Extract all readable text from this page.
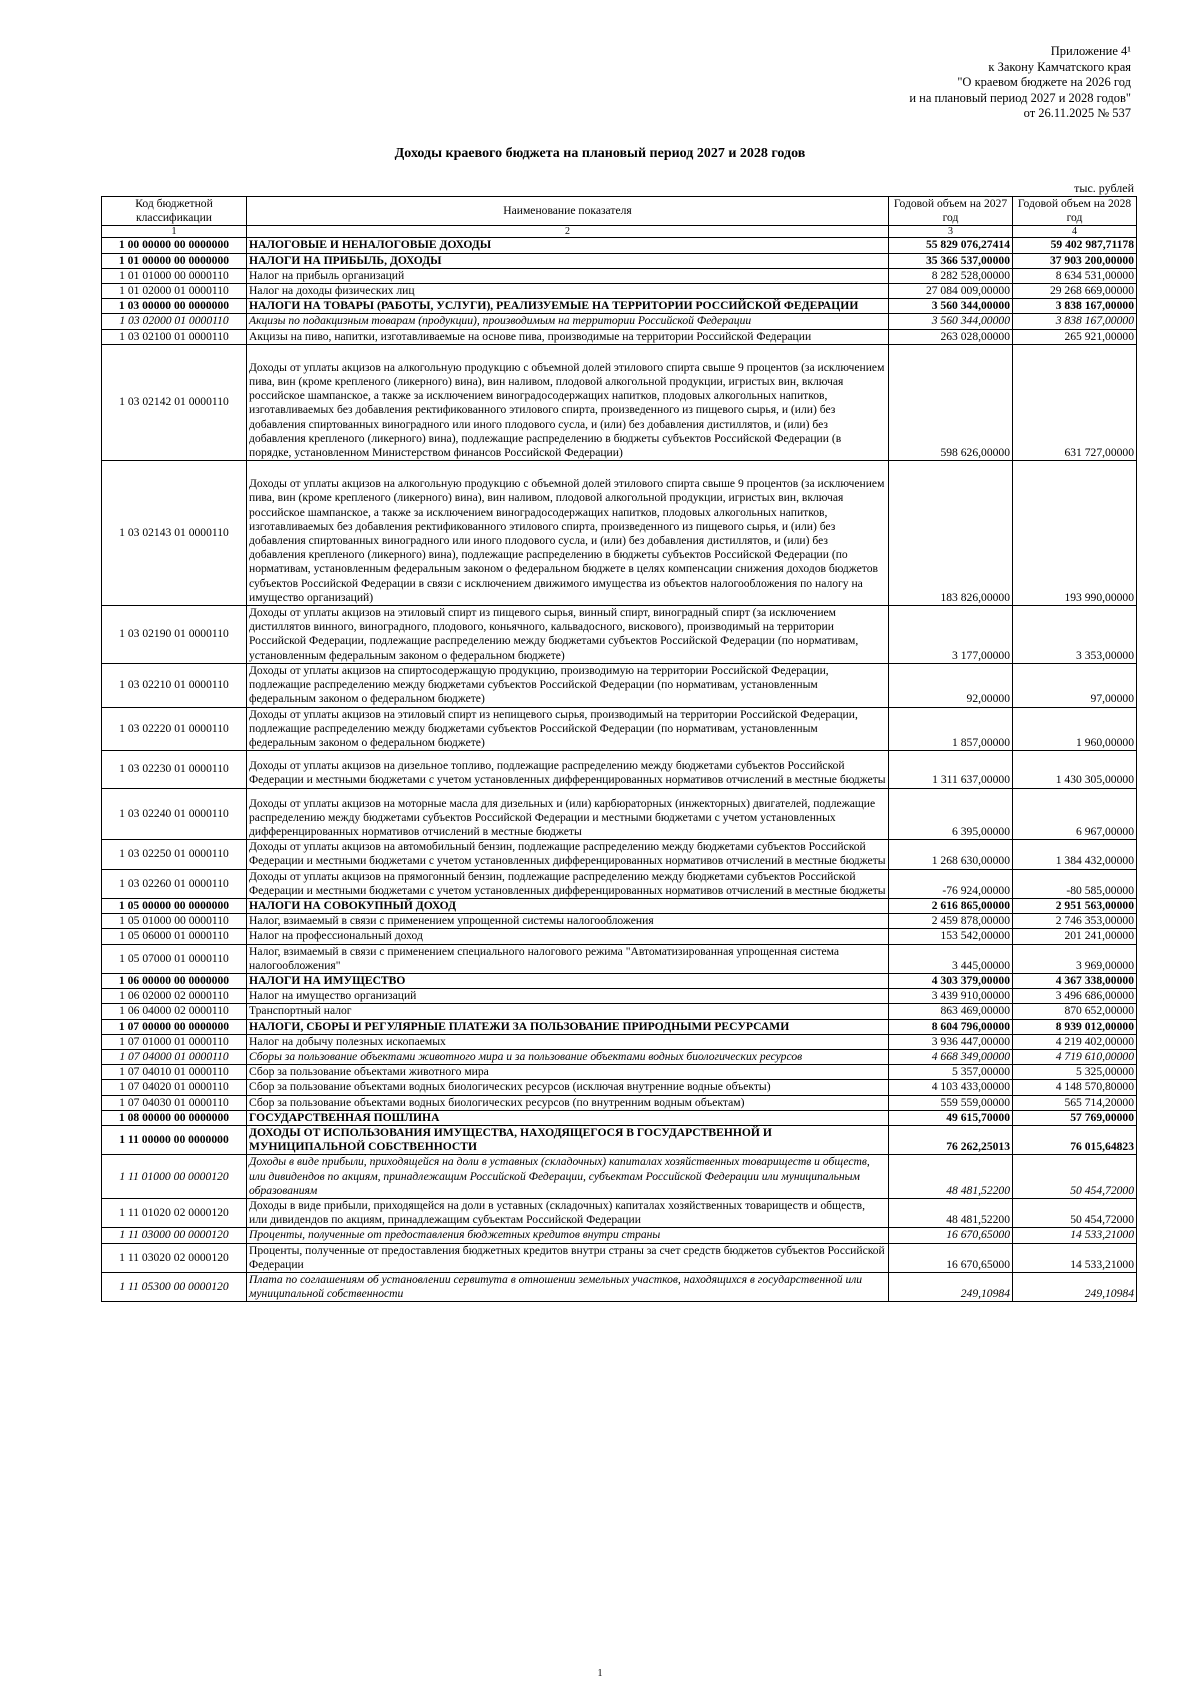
Приложение 4¹
к Закону Камчатского края
"О краевом бюджете на 2026 год
и на плановый период 2027 и 2028 годов"
от 26.11.2025 № 537
Доходы краевого бюджета на плановый период 2027 и 2028 годов
тыс. рублей
Код бюджетной классификации	Наименование показателя	Годовой объем на 2027 год	Годовой объем на 2028 год
1	2	3	4
1 00 00000 00 0000000	НАЛОГОВЫЕ И НЕНАЛОГОВЫЕ ДОХОДЫ	55 829 076,27414	59 402 987,71178
1 01 00000 00 0000000	НАЛОГИ НА ПРИБЫЛЬ, ДОХОДЫ	35 366 537,00000	37 903 200,00000
1 01 01000 00 0000110	Налог на прибыль организаций	8 282 528,00000	8 634 531,00000
1 01 02000 01 0000110	Налог на доходы физических лиц	27 084 009,00000	29 268 669,00000
1 03 00000 00 0000000	НАЛОГИ НА ТОВАРЫ (РАБОТЫ, УСЛУГИ), РЕАЛИЗУЕМЫЕ НА ТЕРРИТОРИИ РОССИЙСКОЙ ФЕДЕРАЦИИ	3 560 344,00000	3 838 167,00000
1 03 02000 01 0000110	Акцизы по подакцизным товарам (продукции), производимым на территории Российской Федерации	3 560 344,00000	3 838 167,00000
1 03 02100 01 0000110	Акцизы на пиво, напитки, изготавливаемые на основе пива, производимые на территории Российской Федерации	263 028,00000	265 921,00000
1 03 02142 01 0000110	Доходы от уплаты акцизов на алкогольную продукцию с объемной долей этилового спирта свыше 9 процентов (за исключением пива, вин (кроме крепленого (ликерного) вина), вин наливом, плодовой алкогольной продукции, игристых вин, включая российское шампанское, а также за исключением виноградосодержащих напитков, плодовых алкогольных напитков, изготавливаемых без добавления ректификованного этилового спирта, произведенного из пищевого сырья, и (или) без добавления спиртованных виноградного или иного плодового сусла, и (или) без добавления дистиллятов, и (или) без добавления крепленого (ликерного) вина), подлежащие распределению в бюджеты субъектов Российской Федерации (в порядке, установленном Министерством финансов Российской Федерации)	598 626,00000	631 727,00000
1 03 02143 01 0000110	Доходы от уплаты акцизов на алкогольную продукцию с объемной долей этилового спирта свыше 9 процентов (за исключением пива, вин (кроме крепленого (ликерного) вина), вин наливом, плодовой алкогольной продукции, игристых вин, включая российское шампанское, а также за исключением виноградосодержащих напитков, плодовых алкогольных напитков, изготавливаемых без добавления ректификованного этилового спирта, произведенного из пищевого сырья, и (или) без добавления спиртованных виноградного или иного плодового сусла, и (или) без добавления дистиллятов, и (или) без добавления крепленого (ликерного) вина), подлежащие распределению в бюджеты субъектов Российской Федерации (по нормативам, установленным федеральным законом о федеральном бюджете в целях компенсации снижения доходов бюджетов субъектов Российской Федерации в связи с исключением движимого имущества из объектов налогообложения по налогу на имущество организаций)	183 826,00000	193 990,00000
1 03 02190 01 0000110	Доходы от уплаты акцизов на этиловый спирт из пищевого сырья, винный спирт, виноградный спирт (за исключением дистиллятов винного, виноградного, плодового, коньячного, кальвадосного, вискового), производимый на территории Российской Федерации, подлежащие распределению между бюджетами субъектов Российской Федерации (по нормативам, установленным федеральным законом о федеральном бюджете)	3 177,00000	3 353,00000
1 03 02210 01 0000110	Доходы от уплаты акцизов на спиртосодержащую продукцию, производимую на территории Российской Федерации, подлежащие распределению между бюджетами субъектов Российской Федерации (по нормативам, установленным федеральным законом о федеральном бюджете)	92,00000	97,00000
1 03 02220 01 0000110	Доходы от уплаты акцизов на этиловый спирт из непищевого сырья, производимый на территории Российской Федерации, подлежащие распределению между бюджетами субъектов Российской Федерации (по нормативам, установленным федеральным законом о федеральном бюджете)	1 857,00000	1 960,00000
1 03 02230 01 0000110	Доходы от уплаты акцизов на дизельное топливо, подлежащие распределению между бюджетами субъектов Российской Федерации и местными бюджетами с учетом установленных дифференцированных нормативов отчислений в местные бюджеты	1 311 637,00000	1 430 305,00000
1 03 02240 01 0000110	Доходы от уплаты акцизов на моторные масла для дизельных и (или) карбюраторных (инжекторных) двигателей, подлежащие распределению между бюджетами субъектов Российской Федерации и местными бюджетами с учетом установленных дифференцированных нормативов отчислений в местные бюджеты	6 395,00000	6 967,00000
1 03 02250 01 0000110	Доходы от уплаты акцизов на автомобильный бензин, подлежащие распределению между бюджетами субъектов Российской Федерации и местными бюджетами с учетом установленных дифференцированных нормативов отчислений в местные бюджеты	1 268 630,00000	1 384 432,00000
1 03 02260 01 0000110	Доходы от уплаты акцизов на прямогонный бензин, подлежащие распределению между бюджетами субъектов Российской Федерации и местными бюджетами с учетом установленных дифференцированных нормативов отчислений в местные бюджеты	-76 924,00000	-80 585,00000
1 05 00000 00 0000000	НАЛОГИ НА СОВОКУПНЫЙ ДОХОД	2 616 865,00000	2 951 563,00000
1 05 01000 00 0000110	Налог, взимаемый в связи с применением упрощенной системы налогообложения	2 459 878,00000	2 746 353,00000
1 05 06000 01 0000110	Налог на профессиональный доход	153 542,00000	201 241,00000
1 05 07000 01 0000110	Налог, взимаемый в связи с применением специального налогового режима "Автоматизированная упрощенная система налогообложения"	3 445,00000	3 969,00000
1 06 00000 00 0000000	НАЛОГИ НА ИМУЩЕСТВО	4 303 379,00000	4 367 338,00000
1 06 02000 02 0000110	Налог на имущество организаций	3 439 910,00000	3 496 686,00000
1 06 04000 02 0000110	Транспортный налог	863 469,00000	870 652,00000
1 07 00000 00 0000000	НАЛОГИ, СБОРЫ И РЕГУЛЯРНЫЕ ПЛАТЕЖИ ЗА ПОЛЬЗОВАНИЕ ПРИРОДНЫМИ РЕСУРСАМИ	8 604 796,00000	8 939 012,00000
1 07 01000 01 0000110	Налог на добычу полезных ископаемых	3 936 447,00000	4 219 402,00000
1 07 04000 01 0000110	Сборы за пользование объектами животного мира и за пользование объектами водных биологических ресурсов	4 668 349,00000	4 719 610,00000
1 07 04010 01 0000110	Сбор за пользование объектами животного мира	5 357,00000	5 325,00000
1 07 04020 01 0000110	Сбор за пользование объектами водных биологических ресурсов (исключая внутренние водные объекты)	4 103 433,00000	4 148 570,80000
1 07 04030 01 0000110	Сбор за пользование объектами водных биологических ресурсов (по внутренним водным объектам)	559 559,00000	565 714,20000
1 08 00000 00 0000000	ГОСУДАРСТВЕННАЯ ПОШЛИНА	49 615,70000	57 769,00000
1 11 00000 00 0000000	ДОХОДЫ ОТ ИСПОЛЬЗОВАНИЯ ИМУЩЕСТВА, НАХОДЯЩЕГОСЯ В ГОСУДАРСТВЕННОЙ И МУНИЦИПАЛЬНОЙ СОБСТВЕННОСТИ	76 262,25013	76 015,64823
1 11 01000 00 0000120	Доходы в виде прибыли, приходящейся на доли в уставных (складочных) капиталах хозяйственных товариществ и обществ, или дивидендов по акциям, принадлежащим Российской Федерации, субъектам Российской Федерации или муниципальным образованиям	48 481,52200	50 454,72000
1 11 01020 02 0000120	Доходы в виде прибыли, приходящейся на доли в уставных (складочных) капиталах хозяйственных товариществ и обществ, или дивидендов по акциям, принадлежащим субъектам Российской Федерации	48 481,52200	50 454,72000
1 11 03000 00 0000120	Проценты, полученные от предоставления бюджетных кредитов внутри страны	16 670,65000	14 533,21000
1 11 03020 02 0000120	Проценты, полученные от предоставления бюджетных кредитов внутри страны за счет средств бюджетов субъектов Российской Федерации	16 670,65000	14 533,21000
1 11 05300 00 0000120	Плата по соглашениям об установлении сервитута в отношении земельных участков, находящихся в государственной или муниципальной собственности	249,10984	249,10984
1
